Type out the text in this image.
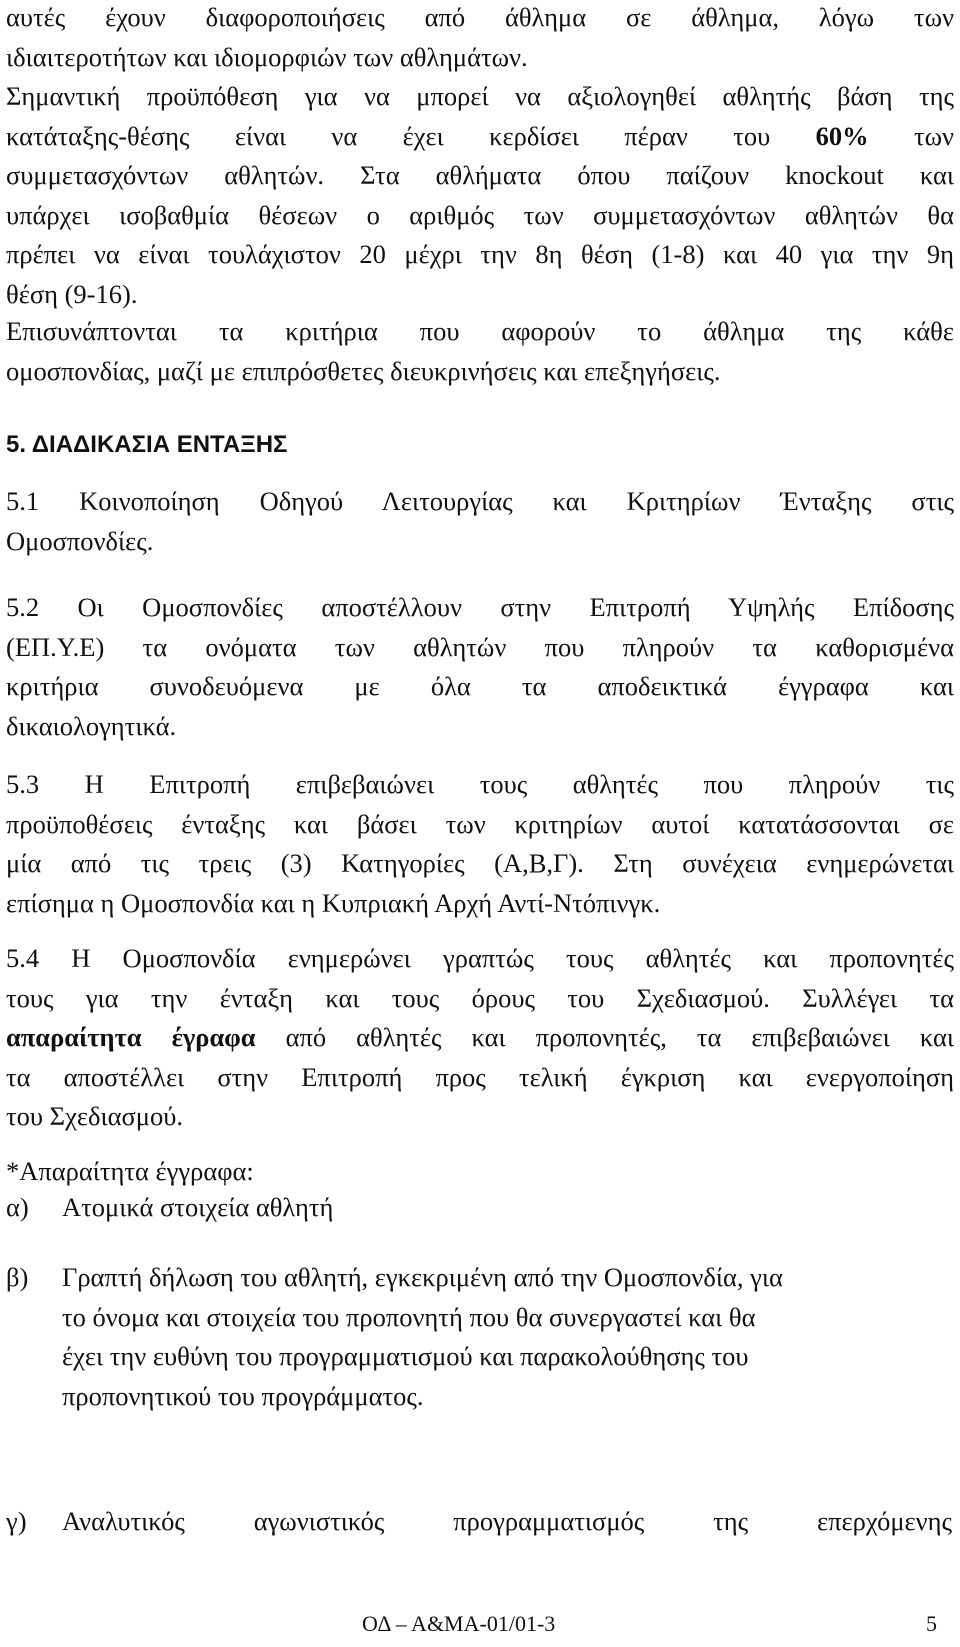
αυτές έχουν διαφοροποιήσεις από άθλημα σε άθλημα, λόγω των
ιδιαιτεροτήτων και ιδιομορφιών των αθλημάτων.
Σημαντική προϋπόθεση για να μπορεί να αξιολογηθεί αθλητής βάση της
κατάταξης-θέσης είναι να έχει κερδίσει πέραν του 60% των
συμμετασχόντων αθλητών. Στα αθλήματα όπου παίζουν knockout και
υπάρχει ισοβαθμία θέσεων ο αριθμός των συμμετασχόντων αθλητών θα
πρέπει να είναι τουλάχιστον 20 μέχρι την 8η θέση (1-8) και 40 για την 9η
θέση (9-16).
Επισυνάπτονται τα κριτήρια που αφορούν το άθλημα της κάθε
ομοσπονδίας, μαζί με επιπρόσθετες διευκρινήσεις και επεξηγήσεις.
5. ΔΙΑΔΙΚΑΣΙΑ ΕΝΤΑΞΗΣ
5.1 Κοινοποίηση Οδηγού Λειτουργίας και Κριτηρίων Ένταξης στις
Ομοσπονδίες.
5.2 Οι Ομοσπονδίες αποστέλλουν στην Επιτροπή Υψηλής Επίδοσης
(ΕΠ.Υ.Ε) τα ονόματα των αθλητών που πληρούν τα καθορισμένα
κριτήρια συνοδευόμενα με όλα τα αποδεικτικά έγγραφα και
δικαιολογητικά.
5.3 Η Επιτροπή επιβεβαιώνει τους αθλητές που πληρούν τις
προϋποθέσεις ένταξης και βάσει των κριτηρίων αυτοί κατατάσσονται σε
μία από τις τρεις (3) Κατηγορίες (Α,Β,Γ). Στη συνέχεια ενημερώνεται
επίσημα η Ομοσπονδία και η Κυπριακή Αρχή Αντί-Ντόπινγκ.
5.4 Η Ομοσπονδία ενημερώνει γραπτώς τους αθλητές και προπονητές
τους για την ένταξη και τους όρους του Σχεδιασμού. Συλλέγει τα
απαραίτητα έγραφα από αθλητές και προπονητές, τα επιβεβαιώνει και
τα αποστέλλει στην Επιτροπή προς τελική έγκριση και ενεργοποίηση
του Σχεδιασμού.
*Απαραίτητα έγγραφα:
α) Ατομικά στοιχεία αθλητή
β) Γραπτή δήλωση του αθλητή, εγκεκριμένη από την Ομοσπονδία, για
το όνομα και στοιχεία του προπονητή που θα συνεργαστεί και θα
έχει την ευθύνη του προγραμματισμού και παρακολούθησης του
προπονητικού του προγράμματος.
γ) Αναλυτικός αγωνιστικός προγραμματισμός της επερχόμενης
ΟΔ – Α&ΜΑ-01/01-3	5
